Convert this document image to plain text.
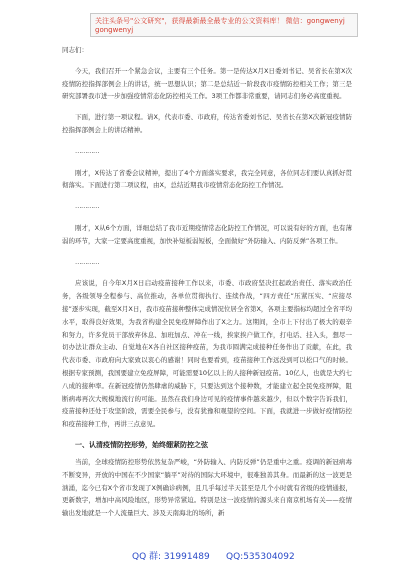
关注头条号"公文研究"，获得最新最全最专业的公文资料库！ 微信：gongwenyj
gongwenyj

同志们：

今天，我们召开一个紧急会议，主要有三个任务。第一是传达X月X日委刘书记、吴省长在第X次疫情防控指挥部例会上的讲话，统一思想认识；第二是总结近一阶段我市疫情防控相关工作；第三是研究部署我市进一步加强疫情常态化防控相关工作。3项工作都非常重要，请同志们务必高度重视。

下面，进行第一项议程。请X，代表市委、市政府，传达省委刘书记、吴省长在第X次新冠疫情防控指挥部例会上的讲话精神。

…………

刚才，X传达了省委会议精神，提出了4个方面落实要求，我完全同意，各位同志们要认真抓好贯彻落实。下面进行第二项议程，由X，总结近期我市疫情常态化防控工作情况。

…………

刚才，X从6个方面，详细总结了我市近期疫情常态化防控工作情况，可以说有好的方面，也有薄弱的环节，大家一定要高度重视，加快补短板弱短板，全面做好“外防输入、内防反弹”各项工作。

…………

应该说，自今年X月X日启动疫苗接种工作以来，市委、市政府坚决扛起政治责任、落实政治任务，各级领导全程参与、高位推动，各单位贯彻执行、连续作战，“四方责任”压紧压实、“应接尽接”逐步实现，截至X月X日，我市疫苗接种整体完成情况位居全省第X，各项主要指标均超过全省平均水平，取得良好效果，为我省构建全民免疫屏障作出了X之力。这期间，全市上下付出了极大的艰辛和努力，许多党员干部放弃休息、加班加点、冲在一线，挨家挨户做工作，打电话、挂入头，想尽一切办法让群众主动、自觉地在X各自社区接种疫苗，为我市圆满完成接种任务作出了贡献，在此，我代表市委、市政府向大家致以衷心的感谢！同时也要看到，疫苗接种工作远没到可以松口气的时候。根据专家预测，我国要建立免疫屏障，可能需要10亿以上的人接种新冠疫苗。10亿人，也就是大约七八成的接种率。在新冠疫情仍然肆虐的威胁下，只要达到这个接种数，才能建立起全民免疫屏障，阻断病毒再次大规模地流行的可能。虽然在我们身边可见的疫情事件越来越少，但以个数字告诉我们，疫苗接种还处于攻坚阶段，需要全民参与，没有犹豫和观望的空间。下面，我就进一步做好疫情防控和疫苗接种工作，再讲三点意见。

一、认清疫情防控形势，始终绷紧防控之弦

当前，全球疫情防控形势依然复杂严峻，“外防输入、内防反弹”仍是重中之重。疫调的新冠病毒不断变异，开放的中国在不少国家“躺平”对待的国际大环境中，很难独善其身。而最新的这一波更是汹涌，迄今已有X个省市发现了X例确诊病例，且几乎每过半天甚至是几个小时就有省级的疫情通报，更新数字，增加中高风险地区，形势异常紧迫。特别是这一波疫情的源头来自南京机场有关——疫情输出发地就是一个人流量巨大、涉及天南海北的场所，新

QQ 群: 31991489 QQ:535304092
